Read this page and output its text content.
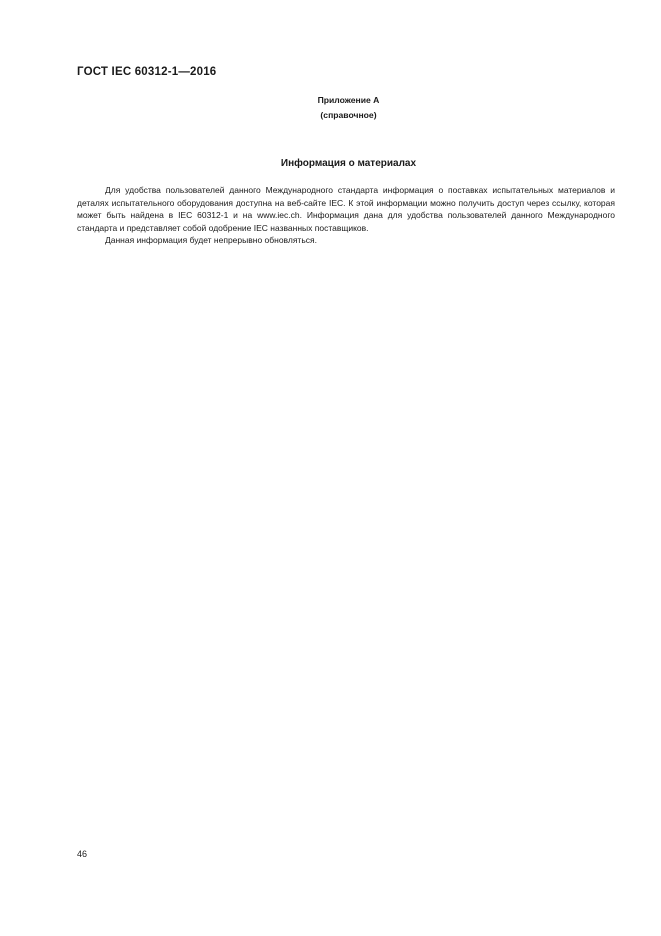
ГОСТ IEC 60312-1—2016
Приложение А
(справочное)
Информация о материалах

Для удобства пользователей данного Международного стандарта информация о поставках испытательных материалов и деталях испытательного оборудования доступна на веб-сайте IEC. К этой информации можно получить доступ через ссылку, которая может быть найдена в IEC 60312-1 и на www.iec.ch. Информация дана для удобства пользователей данного Международного стандарта и представляет собой одобрение IEC названных поставщиков.

Данная информация будет непрерывно обновляться.

46
